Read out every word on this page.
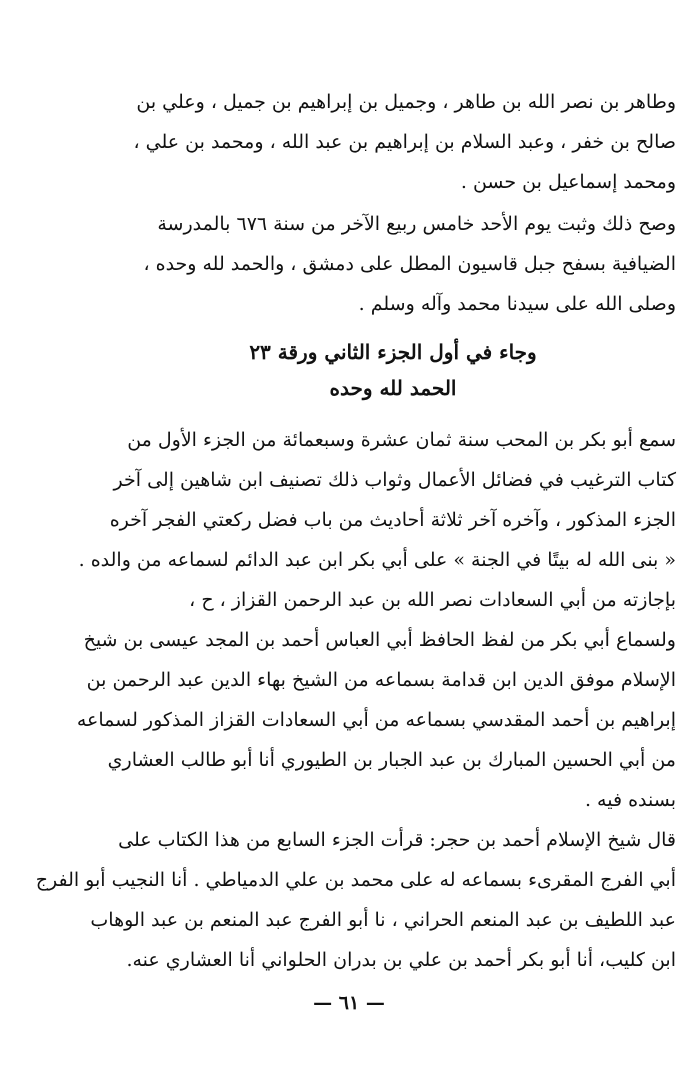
وطاهر بن نصر الله بن طاهر ، وجميل بن إبراهيم بن جميل ، وعلي بن
صالح بن خفر ، وعبد السلام بن إبراهيم بن عبد الله ، ومحمد بن علي ،
ومحمد إسماعيل بن حسن .

وصح ذلك وثبت يوم الأحد خامس ربيع الآخر من سنة ٦٧٦ بالمدرسة
الضيافية بسفح جبل قاسيون المطل على دمشق ، والحمد لله وحده ،
وصلى الله على سيدنا محمد وآله وسلم .

وجاء في أول الجزء الثاني ورقة ٢٣
الحمد لله وحده

سمع أبو بكر بن المحب سنة ثمان عشرة وسبعمائة من الجزء الأول من
كتاب الترغيب في فضائل الأعمال وثواب ذلك تصنيف ابن شاهين إلى آخر
الجزء المذكور ، وآخره آخر ثلاثة أحاديث من باب فضل ركعتي الفجر آخره
« بنى الله له بيتًا في الجنة » على أبي بكر ابن عبد الدائم لسماعه من والده .

بإجازته من أبي السعادات نصر الله بن عبد الرحمن القزاز ، ح ،
ولسماع أبي بكر من لفظ الحافظ أبي العباس أحمد بن المجد عيسى بن شيخ
الإسلام موفق الدين ابن قدامة بسماعه من الشيخ بهاء الدين عبد الرحمن بن
إبراهيم بن أحمد المقدسي بسماعه من أبي السعادات القزاز المذكور لسماعه
من أبي الحسين المبارك بن عبد الجبار بن الطيوري أنا أبو طالب العشاري
بسنده فيه .

قال شيخ الإسلام أحمد بن حجر: قرأت الجزء السابع من هذا الكتاب على
أبي الفرج المقرىء بسماعه له على محمد بن علي الدمياطي . أنا النجيب أبو الفرج
عبد اللطيف بن عبد المنعم الحراني ، نا أبو الفرج عبد المنعم بن عبد الوهاب
ابن كليب، أنا أبو بكر أحمد بن علي بن بدران الحلواني أنا العشاري عنه.

— ٦١ —
